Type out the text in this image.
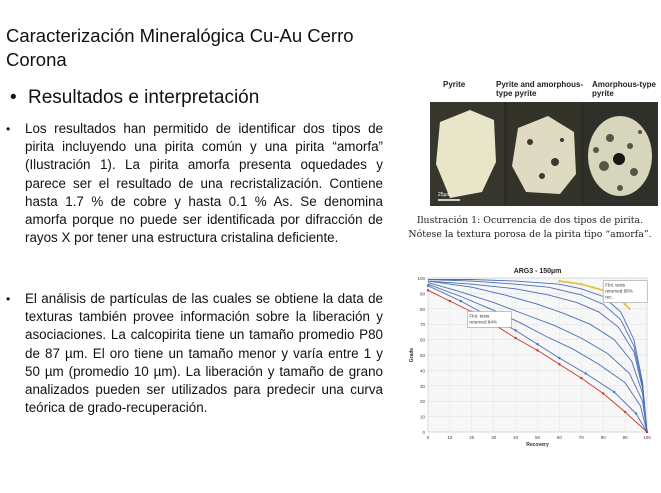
Caracterización Mineralógica Cu-Au Cerro Corona
• Resultados e interpretación
• Los resultados han permitido de identificar dos tipos de pirita incluyendo una pirita común y una pirita “amorfa” (Ilustración 1). La pirita amorfa presenta oquedades y parece ser el resultado de una recristalización. Contiene hasta 1.7 % de cobre y hasta 0.1 % As. Se denomina amorfa porque no puede ser identificada por difracción de rayos X por tener una estructura cristalina deficiente.
• El análisis de partículas de las cuales se obtiene la data de texturas también provee información sobre la liberación y asociaciones. La calcopirita tiene un tamaño promedio P80 de 87 µm. El oro tiene un tamaño menor y varía entre 1 y 50 µm (promedio 10 µm). La liberación y tamaño de grano analizados pueden ser utilizados para predecir una curva teórica de grado-recuperación.
Pyrite	Pyrite and amorphous-type pyrite
Amorphous-type pyrite
25µm
Ilustración 1: Ocurrencia de dos tipos de pirita. Nótese la textura porosa de la pirita tipo “amorfa”.
0
10
20
30
40
50
60
70
80
90
100
0	10	20	30	40	50	60	70	80	90	100
ARG3 - 150µm
Recovery
Grade
Flot. tests
returned 95%
rec.
Flot. tests
returned 84%
